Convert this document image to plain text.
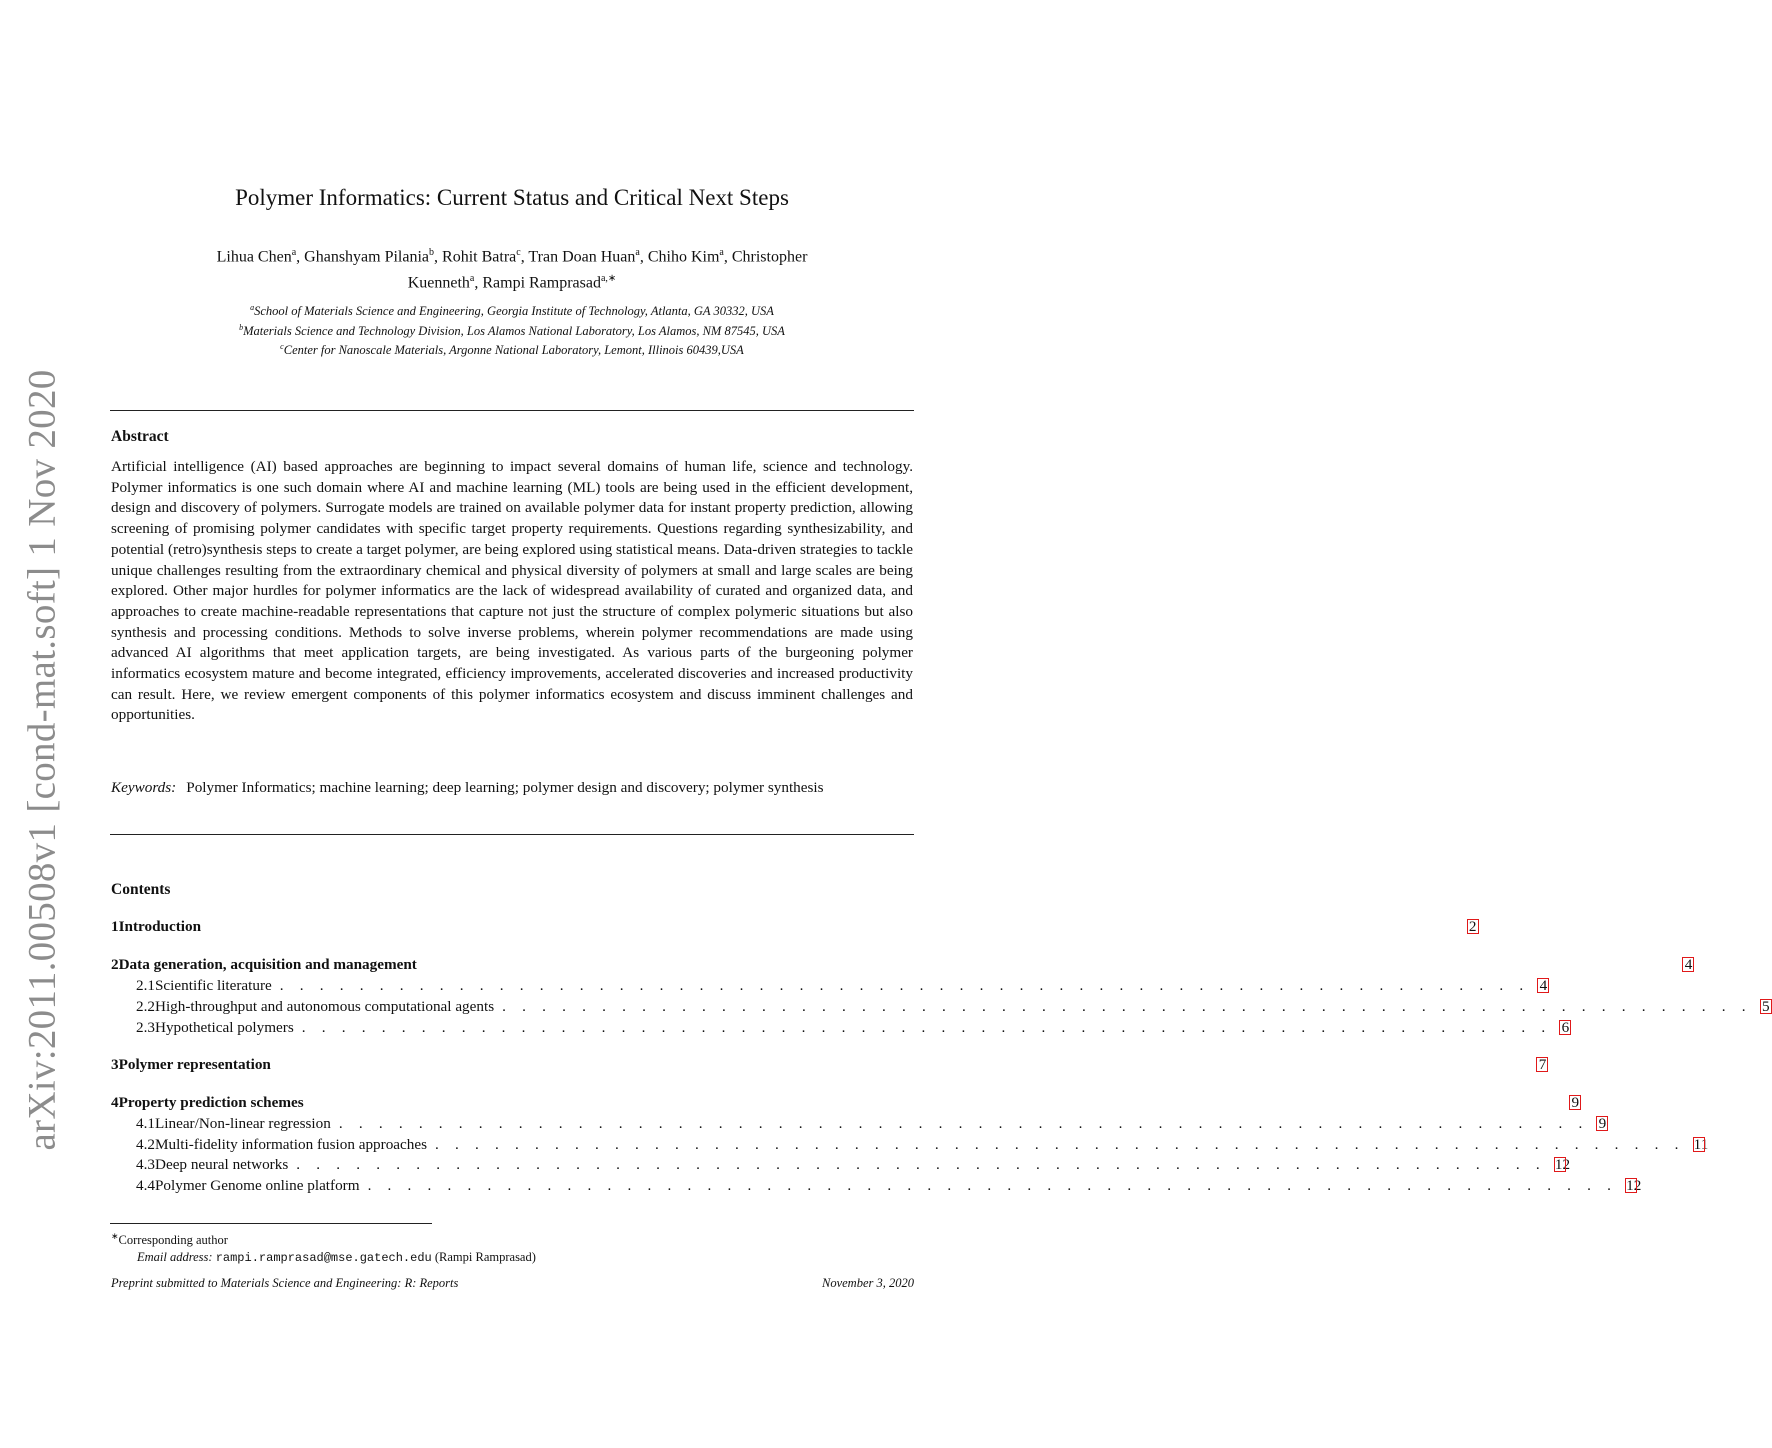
arXiv:2011.00508v1 [cond-mat.soft] 1 Nov 2020
Polymer Informatics: Current Status and Critical Next Steps
Lihua Chen$^a$, Ghanshyam Pilania$^b$, Rohit Batra$^c$, Tran Doan Huan$^a$, Chiho Kim$^a$, Christopher
Kuenneth$^a$, Rampi Ramprasad$^{a,∗}$
$^a$School of Materials Science and Engineering, Georgia Institute of Technology, Atlanta, GA 30332, USA
$^b$Materials Science and Technology Division, Los Alamos National Laboratory, Los Alamos, NM 87545, USA
$^c$Center for Nanoscale Materials, Argonne National Laboratory, Lemont, Illinois 60439,USA
Abstract
Artificial intelligence (AI) based approaches are beginning to impact several domains of human life, science and technology. Polymer informatics is one such domain where AI and machine learning (ML) tools are being used in the efficient development, design and discovery of polymers. Surrogate models are trained on available polymer data for instant property prediction, allowing screening of promising polymer candidates with specific target property requirements. Questions regarding synthesizability, and potential (retro)synthesis steps to create a target polymer, are being explored using statistical means. Data-driven strategies to tackle unique challenges resulting from the extraordinary chemical and physical diversity of polymers at small and large scales are being explored. Other major hurdles for polymer informatics are the lack of widespread availability of curated and organized data, and approaches to create machine-readable representations that capture not just the structure of complex polymeric situations but also synthesis and processing conditions. Methods to solve inverse problems, wherein polymer recommendations are made using advanced AI algorithms that meet application targets, are being investigated. As various parts of the burgeoning polymer informatics ecosystem mature and become integrated, efficiency improvements, accelerated discoveries and increased productivity can result. Here, we review emergent components of this polymer informatics ecosystem and discuss imminent challenges and opportunities.
Keywords: Polymer Informatics; machine learning; deep learning; polymer design and discovery; polymer synthesis
Contents
1 Introduction	2
2 Data generation, acquisition and management	4
2.1 Scientific literature . . . . . . . . . . . . . . . . . . . . . . . . . . . . . . . . . . . . . . . . . . . . . . . . . . . . . . . . . . . . . . . 4
2.2 High-throughput and autonomous computational agents . . . . . . . . . . . . . . . . . . . . . . . . . . . . . . . . . . . . . . . . . . . . . . . . . . . . . . . . . . . . . . . 5
2.3 Hypothetical polymers . . . . . . . . . . . . . . . . . . . . . . . . . . . . . . . . . . . . . . . . . . . . . . . . . . . . . . . . . . . . . . . 6
3 Polymer representation	7
4 Property prediction schemes	9
4.1 Linear/Non-linear regression . . . . . . . . . . . . . . . . . . . . . . . . . . . . . . . . . . . . . . . . . . . . . . . . . . . . . . . . . . . . . . . 9
4.2 Multi-fidelity information fusion approaches . . . . . . . . . . . . . . . . . . . . . . . . . . . . . . . . . . . . . . . . . . . . . . . . . . . . . . . . . . . . . . . 11
4.3 Deep neural networks . . . . . . . . . . . . . . . . . . . . . . . . . . . . . . . . . . . . . . . . . . . . . . . . . . . . . . . . . . . . . . . 12
4.4 Polymer Genome online platform . . . . . . . . . . . . . . . . . . . . . . . . . . . . . . . . . . . . . . . . . . . . . . . . . . . . . . . . . . . . . . . 12
∗Corresponding author
Email address: rampi.ramprasad@mse.gatech.edu (Rampi Ramprasad)
Preprint submitted to Materials Science and Engineering: R: Reports	November 3, 2020
